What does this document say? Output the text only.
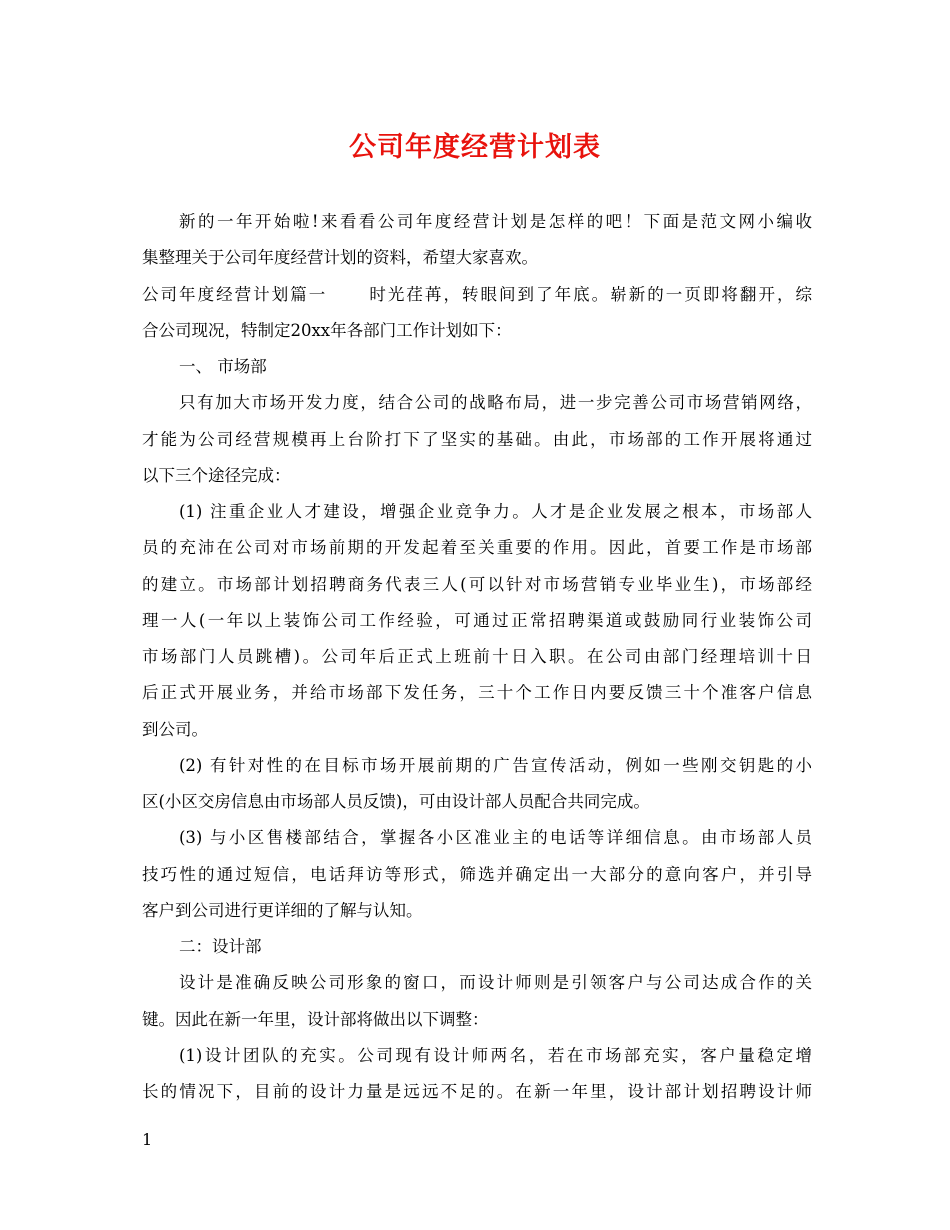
公司年度经营计划表
新的一年开始啦!来看看公司年度经营计划是怎样的吧！下面是范文网小编收
集整理关于公司年度经营计划的资料，希望大家喜欢。
公司年度经营计划篇一 时光荏苒，转眼间到了年底。崭新的一页即将翻开，综
合公司现况，特制定20xx年各部门工作计划如下：
一、 市场部
只有加大市场开发力度，结合公司的战略布局，进一步完善公司市场营销网络，
才能为公司经营规模再上台阶打下了坚实的基础。由此，市场部的工作开展将通过
以下三个途径完成：
(1) 注重企业人才建设，增强企业竞争力。人才是企业发展之根本，市场部人
员的充沛在公司对市场前期的开发起着至关重要的作用。因此，首要工作是市场部
的建立。市场部计划招聘商务代表三人(可以针对市场营销专业毕业生)，市场部经
理一人(一年以上装饰公司工作经验，可通过正常招聘渠道或鼓励同行业装饰公司
市场部门人员跳槽)。公司年后正式上班前十日入职。在公司由部门经理培训十日
后正式开展业务，并给市场部下发任务，三十个工作日内要反馈三十个准客户信息
到公司。
(2) 有针对性的在目标市场开展前期的广告宣传活动，例如一些刚交钥匙的小
区(小区交房信息由市场部人员反馈)，可由设计部人员配合共同完成。
(3) 与小区售楼部结合，掌握各小区准业主的电话等详细信息。由市场部人员
技巧性的通过短信，电话拜访等形式，筛选并确定出一大部分的意向客户，并引导
客户到公司进行更详细的了解与认知。
二：设计部
设计是准确反映公司形象的窗口，而设计师则是引领客户与公司达成合作的关
键。因此在新一年里，设计部将做出以下调整：
(1)设计团队的充实。公司现有设计师两名，若在市场部充实，客户量稳定增
长的情况下，目前的设计力量是远远不足的。在新一年里，设计部计划招聘设计师
1
